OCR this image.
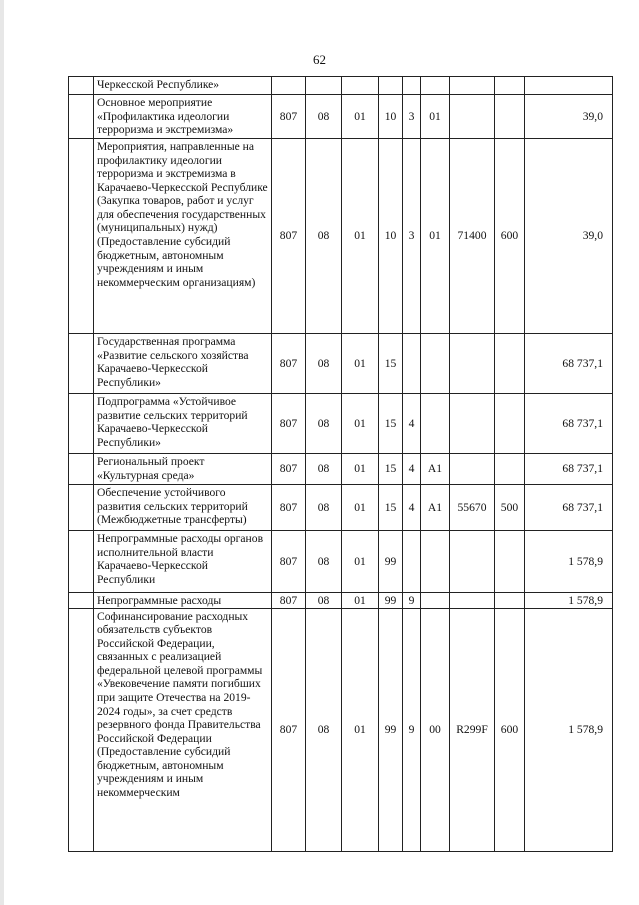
62
	Черкесской Республике»									
	Основное мероприятие «Профилактика идеологии терроризма и экстремизма»	807	08	01	10	3	01			39,0
	Мероприятия, направленные на профилактику идеологии терроризма и экстремизма в Карачаево-Черкесской Республике (Закупка товаров, работ и услуг для обеспечения государственных (муниципальных) нужд) (Предоставление субсидий бюджетным, автономным учреждениям и иным некоммерческим организациям)	807	08	01	10	3	01	71400	600	39,0
	Государственная программа «Развитие сельского хозяйства Карачаево-Черкесской Республики»	807	08	01	15					68 737,1
	Подпрограмма «Устойчивое развитие сельских территорий Карачаево-Черкесской Республики»	807	08	01	15	4				68 737,1
	Региональный проект «Культурная среда»	807	08	01	15	4	A1			68 737,1
	Обеспечение устойчивого развития сельских территорий (Межбюджетные трансферты)	807	08	01	15	4	A1	55670	500	68 737,1
	Непрограммные расходы органов исполнительной власти Карачаево-Черкесской Республики	807	08	01	99					1 578,9
	Непрограммные расходы	807	08	01	99	9				1 578,9
	Софинансирование расходных обязательств субъектов Российской Федерации, связанных с реализацией федеральной целевой программы «Увековечение памяти погибших при защите Отечества на 2019-2024 годы», за счет средств резервного фонда Правительства Российской Федерации (Предоставление субсидий бюджетным, автономным учреждениям и иным некоммерческим	807	08	01	99	9	00	R299F	600	1 578,9
